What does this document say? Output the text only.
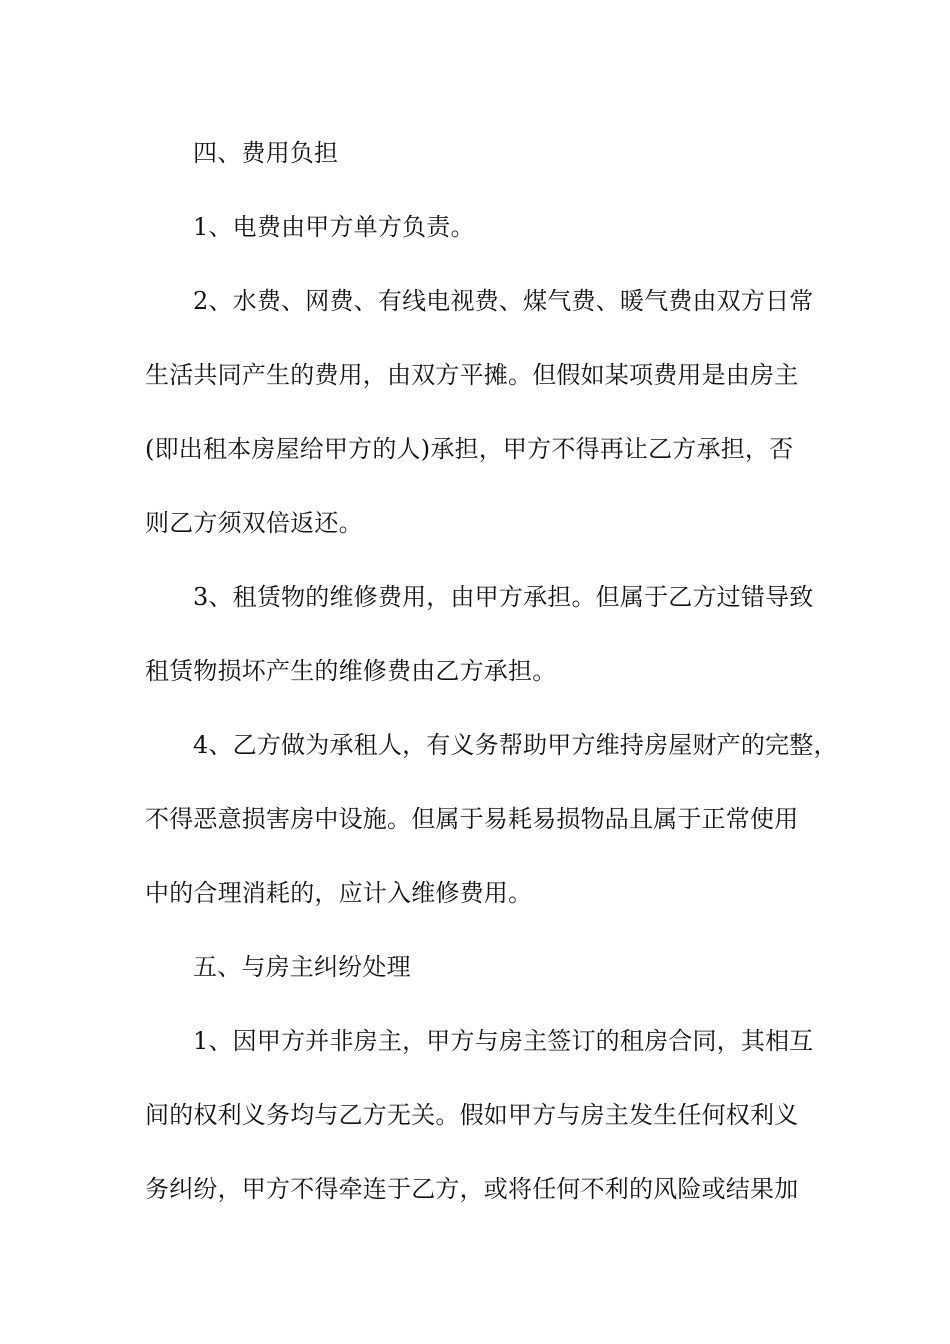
四、费用负担
1、电费由甲方单方负责。
2、水费、网费、有线电视费、煤气费、暖气费由双方日常
生活共同产生的费用，由双方平摊。但假如某项费用是由房主
(即出租本房屋给甲方的人)承担，甲方不得再让乙方承担，否
则乙方须双倍返还。
3、租赁物的维修费用，由甲方承担。但属于乙方过错导致
租赁物损坏产生的维修费由乙方承担。
4、乙方做为承租人，有义务帮助甲方维持房屋财产的完整，
不得恶意损害房中设施。但属于易耗易损物品且属于正常使用
中的合理消耗的，应计入维修费用。
五、与房主纠纷处理
1、因甲方并非房主，甲方与房主签订的租房合同，其相互
间的权利义务均与乙方无关。假如甲方与房主发生任何权利义
务纠纷，甲方不得牵连于乙方，或将任何不利的风险或结果加
